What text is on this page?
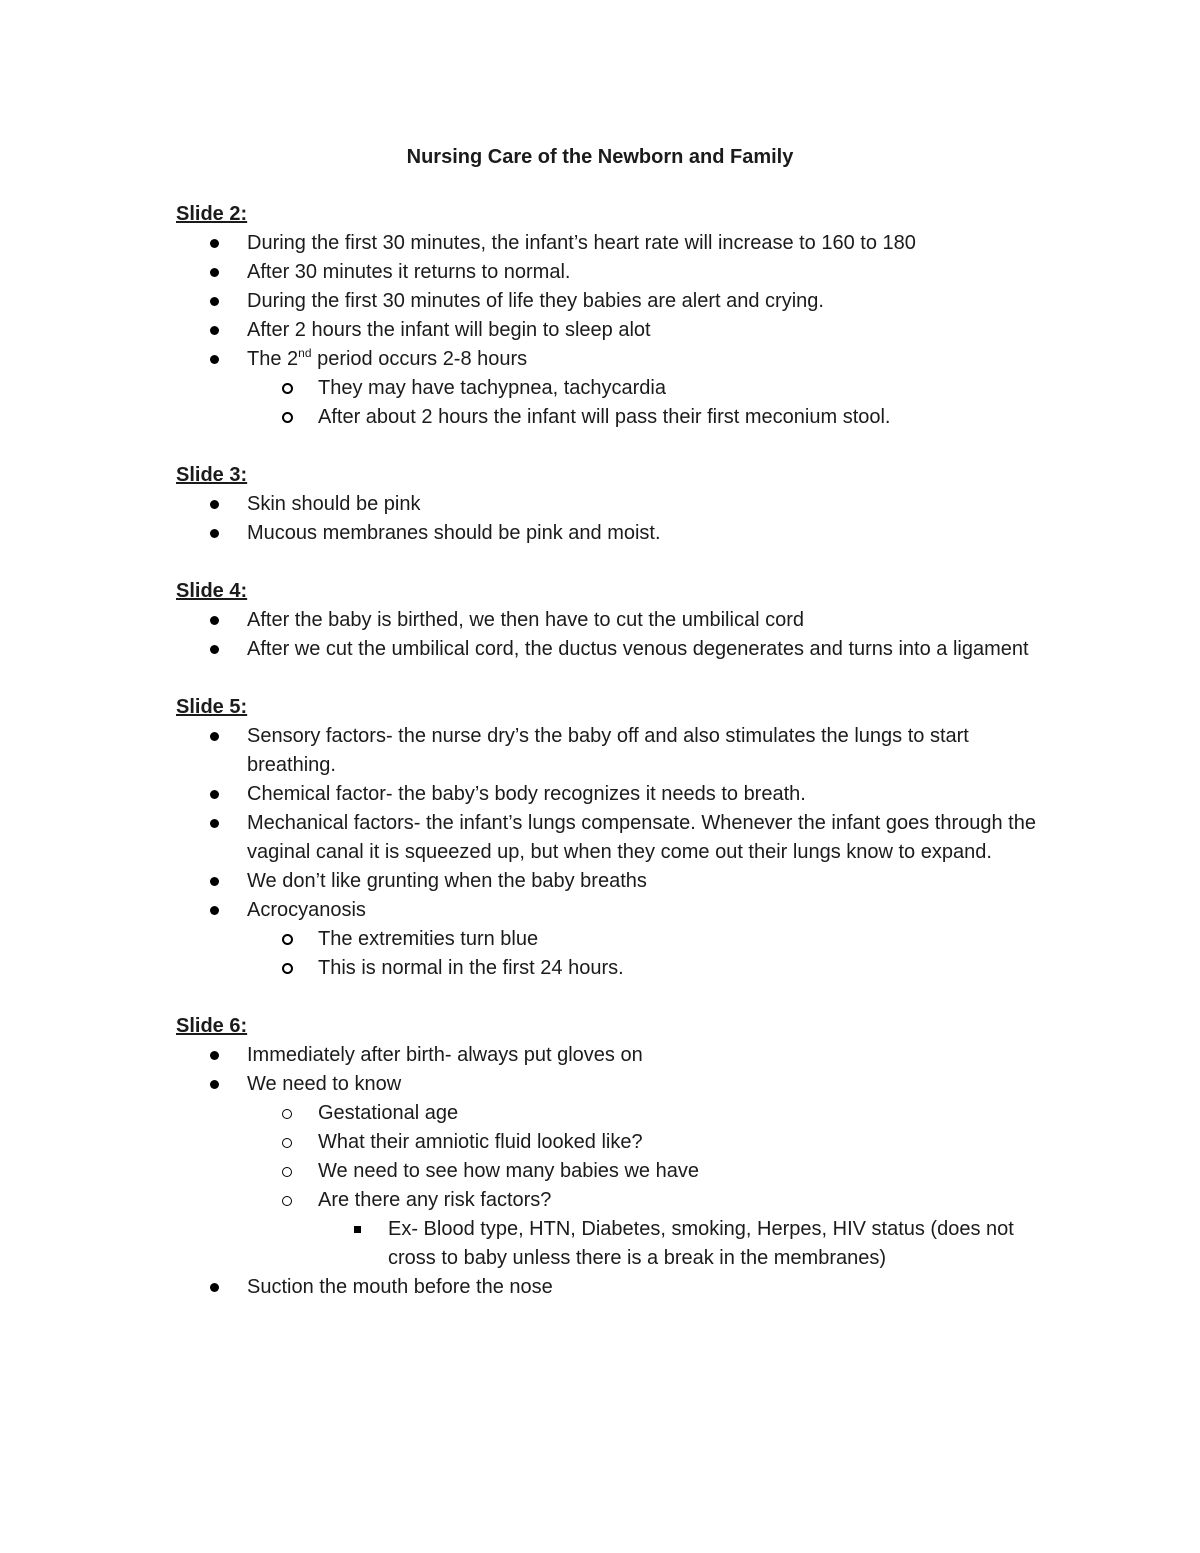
Nursing Care of the Newborn and Family
Slide 2:
During the first 30 minutes, the infant’s heart rate will increase to 160 to 180
After 30 minutes it returns to normal.
During the first 30 minutes of life they babies are alert and crying.
After 2 hours the infant will begin to sleep alot
The 2nd period occurs 2-8 hours
They may have tachypnea, tachycardia
After about 2 hours the infant will pass their first meconium stool.
Slide 3:
Skin should be pink
Mucous membranes should be pink and moist.
Slide 4:
After the baby is birthed, we then have to cut the umbilical cord
After we cut the umbilical cord, the ductus venous degenerates and turns into a ligament
Slide 5:
Sensory factors- the nurse dry’s the baby off and also stimulates the lungs to start breathing.
Chemical factor- the baby’s body recognizes it needs to breath.
Mechanical factors- the infant’s lungs compensate. Whenever the infant goes through the vaginal canal it is squeezed up, but when they come out their lungs know to expand.
We don’t like grunting when the baby breaths
Acrocyanosis
The extremities turn blue
This is normal in the first 24 hours.
Slide 6:
Immediately after birth- always put gloves on
We need to know
Gestational age
What their amniotic fluid looked like?
We need to see how many babies we have
Are there any risk factors?
Ex- Blood type, HTN, Diabetes, smoking, Herpes, HIV status (does not cross to baby unless there is a break in the membranes)
Suction the mouth before the nose
